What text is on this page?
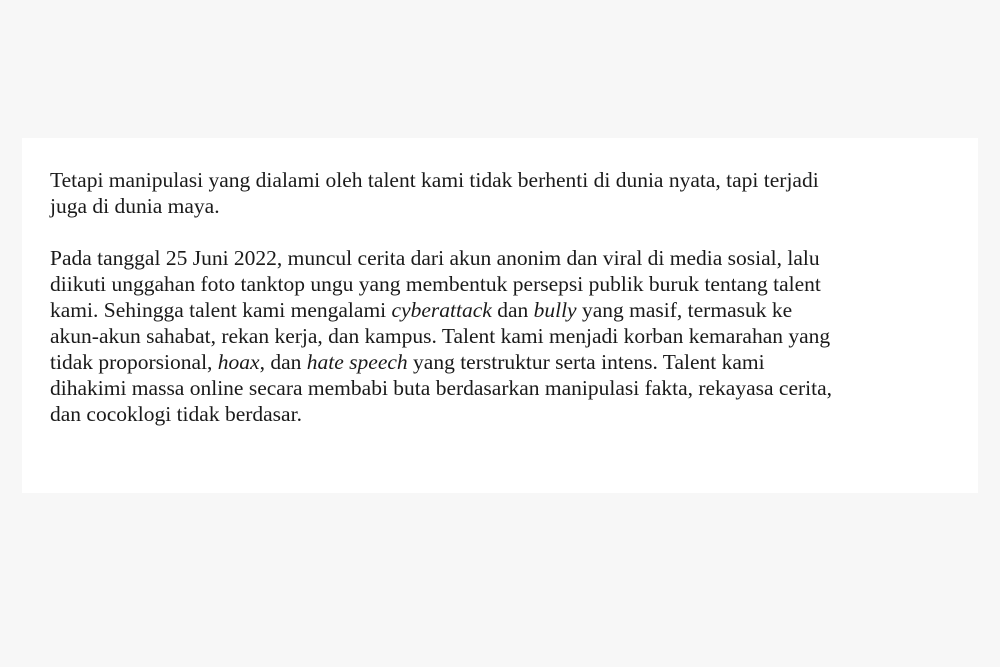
Tetapi manipulasi yang dialami oleh talent kami tidak berhenti di dunia nyata, tapi terjadi
juga di dunia maya.

Pada tanggal 25 Juni 2022, muncul cerita dari akun anonim dan viral di media sosial, lalu
diikuti unggahan foto tanktop ungu yang membentuk persepsi publik buruk tentang talent
kami. Sehingga talent kami mengalami cyberattack dan bully yang masif, termasuk ke
akun-akun sahabat, rekan kerja, dan kampus. Talent kami menjadi korban kemarahan yang
tidak proporsional, hoax, dan hate speech yang terstruktur serta intens. Talent kami
dihakimi massa online secara membabi buta berdasarkan manipulasi fakta, rekayasa cerita,
dan cocoklogi tidak berdasar.
